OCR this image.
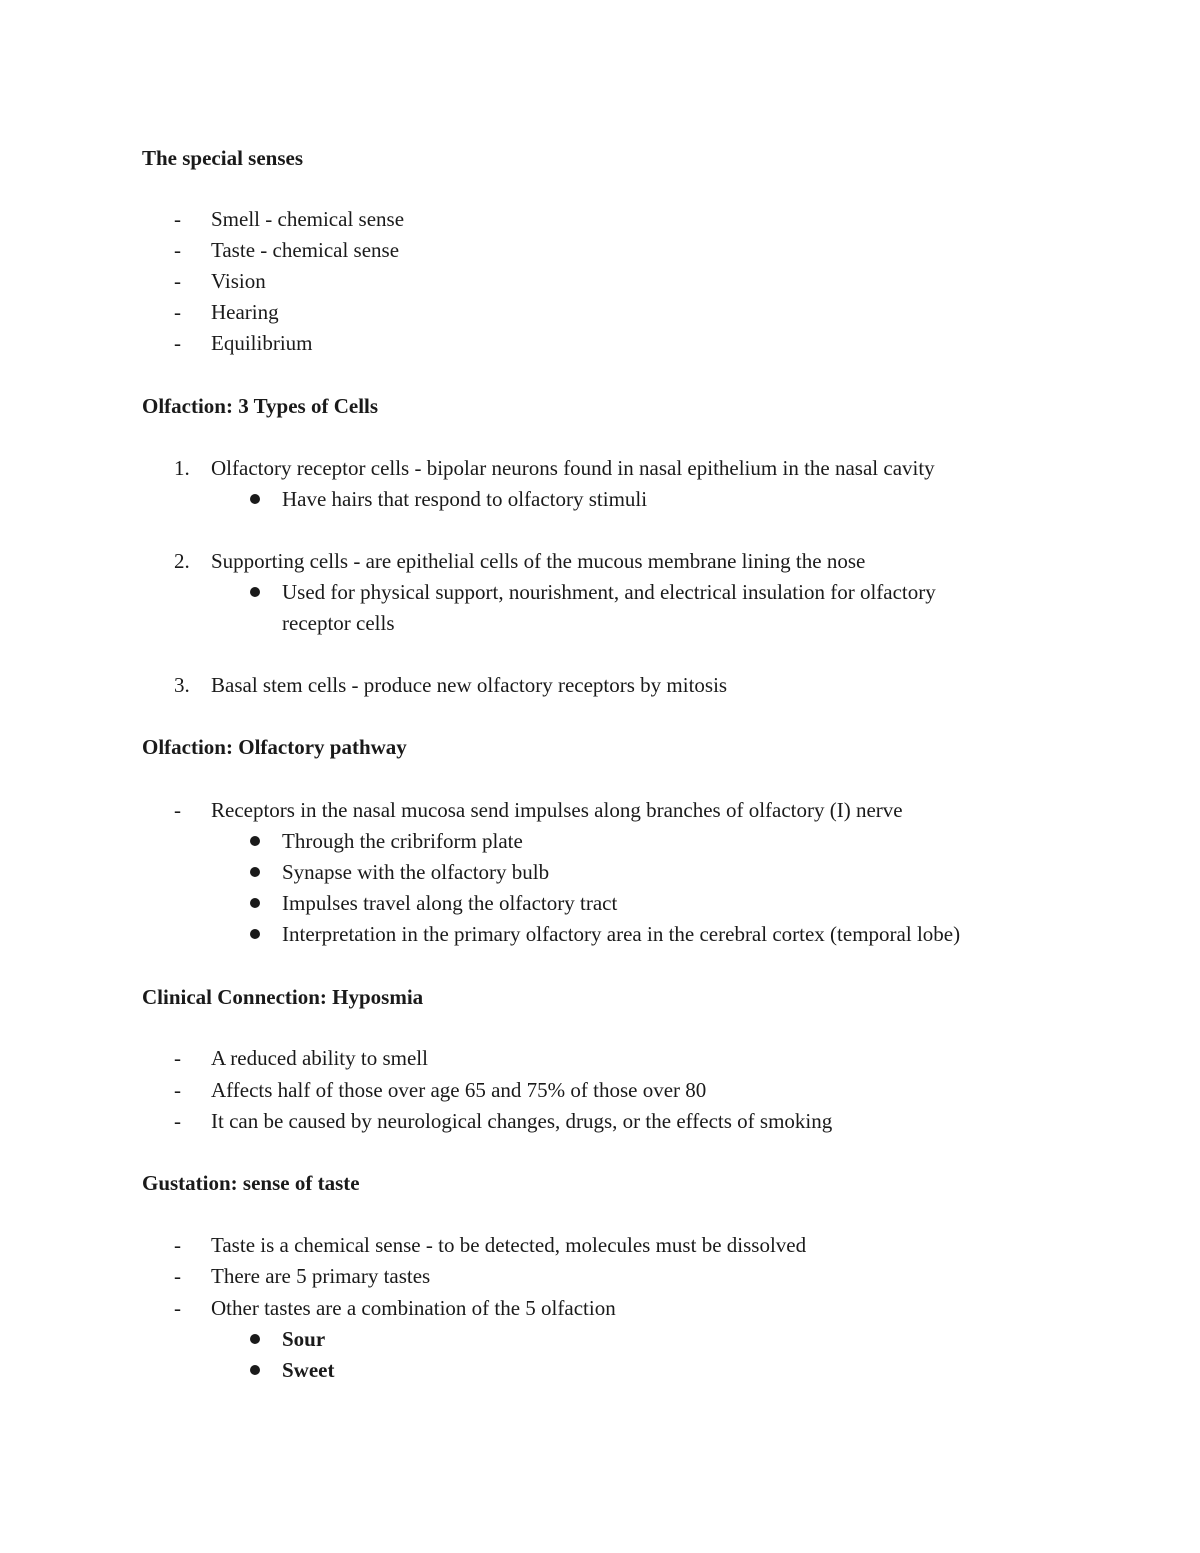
The special senses
- Smell - chemical sense
- Taste - chemical sense
- Vision
- Hearing
- Equilibrium
Olfaction: 3 Types of Cells
1. Olfactory receptor cells - bipolar neurons found in nasal epithelium in the nasal cavity
Have hairs that respond to olfactory stimuli
2. Supporting cells - are epithelial cells of the mucous membrane lining the nose
Used for physical support, nourishment, and electrical insulation for olfactory
receptor cells
3. Basal stem cells - produce new olfactory receptors by mitosis
Olfaction: Olfactory pathway
- Receptors in the nasal mucosa send impulses along branches of olfactory (I) nerve
Through the cribriform plate
Synapse with the olfactory bulb
Impulses travel along the olfactory tract
Interpretation in the primary olfactory area in the cerebral cortex (temporal lobe)
Clinical Connection: Hyposmia
- A reduced ability to smell
- Affects half of those over age 65 and 75% of those over 80
- It can be caused by neurological changes, drugs, or the effects of smoking
Gustation: sense of taste
- Taste is a chemical sense - to be detected, molecules must be dissolved
- There are 5 primary tastes
- Other tastes are a combination of the 5 olfaction
Sour
Sweet
